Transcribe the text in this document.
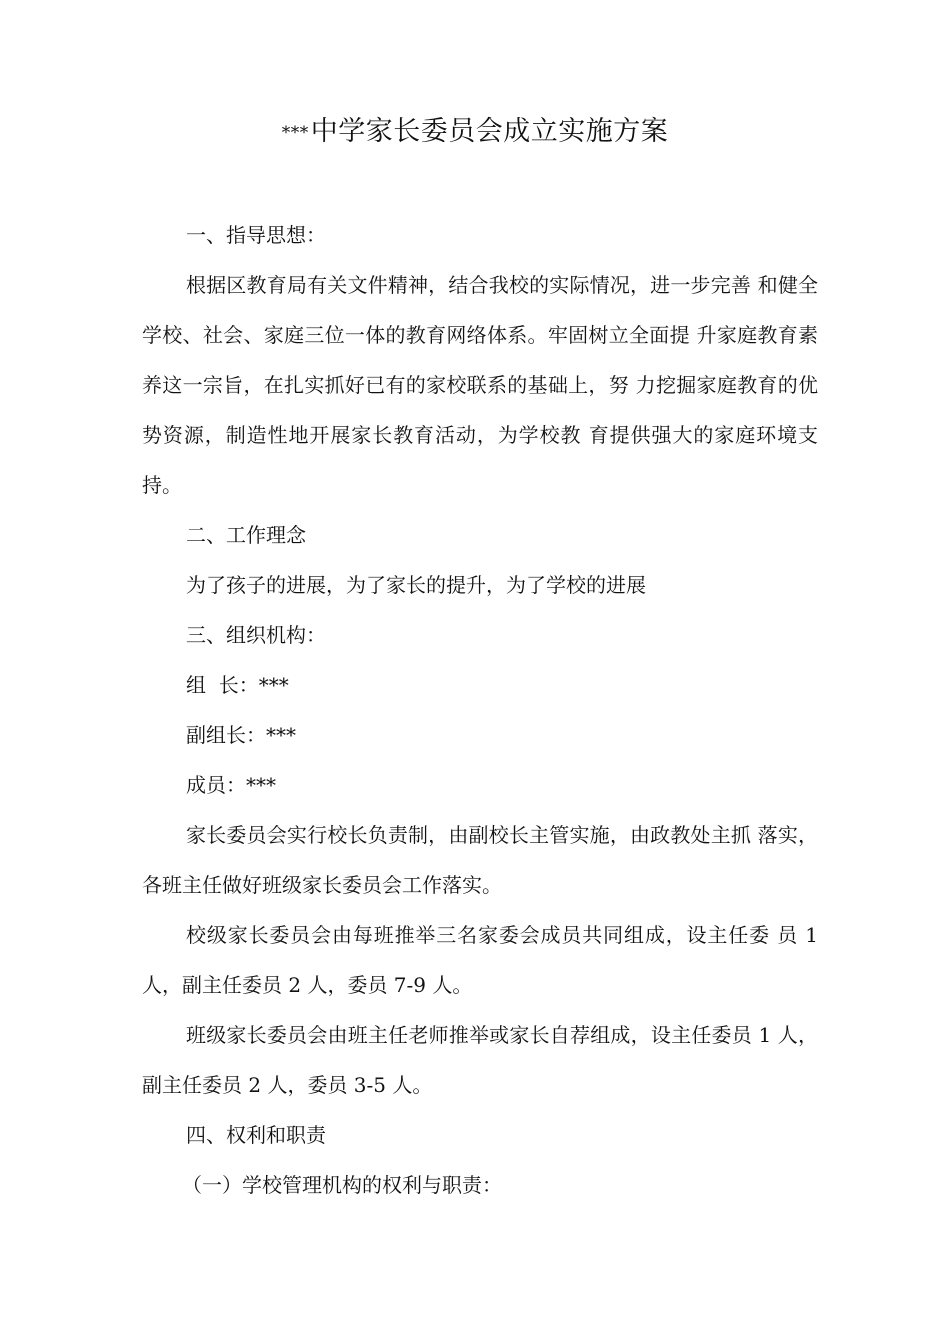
***中学家长委员会成立实施方案

一、指导思想：

根据区教育局有关文件精神，结合我校的实际情况，进一步完善 和健全学校、社会、家庭三位一体的教育网络体系。牢固树立全面提 升家庭教育素养这一宗旨，在扎实抓好已有的家校联系的基础上，努 力挖掘家庭教育的优势资源，制造性地开展家长教育活动，为学校教 育提供强大的家庭环境支持。

二、工作理念

为了孩子的进展，为了家长的提升，为了学校的进展

三、组织机构：

组  长：***

副组长：***

成员：***

家长委员会实行校长负责制，由副校长主管实施，由政教处主抓 落实，各班主任做好班级家长委员会工作落实。

校级家长委员会由每班推举三名家委会成员共同组成，设主任委 员 1 人，副主任委员 2 人，委员 7-9 人。

班级家长委员会由班主任老师推举或家长自荐组成，设主任委员 1 人，副主任委员 2 人，委员 3-5 人。

四、权利和职责

（一）学校管理机构的权利与职责：
